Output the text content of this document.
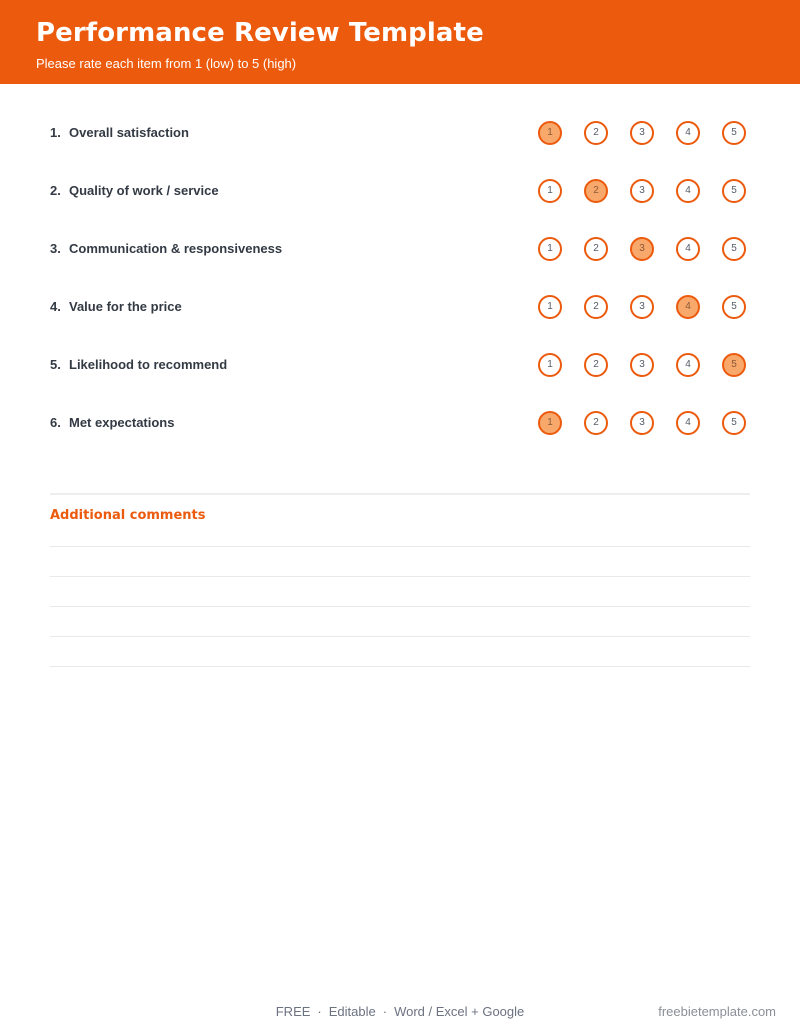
Performance Review Template
Please rate each item from 1 (low) to 5 (high)
1. Overall satisfaction	1	2	3	4	5
2. Quality of work / service	1	2	3	4	5
3. Communication & responsiveness	1	2	3	4	5
4. Value for the price	1	2	3	4	5
5. Likelihood to recommend	1	2	3	4	5
6. Met expectations	1	2	3	4	5
Additional comments
FREE · Editable · Word / Excel + Google	freebietemplate.com
